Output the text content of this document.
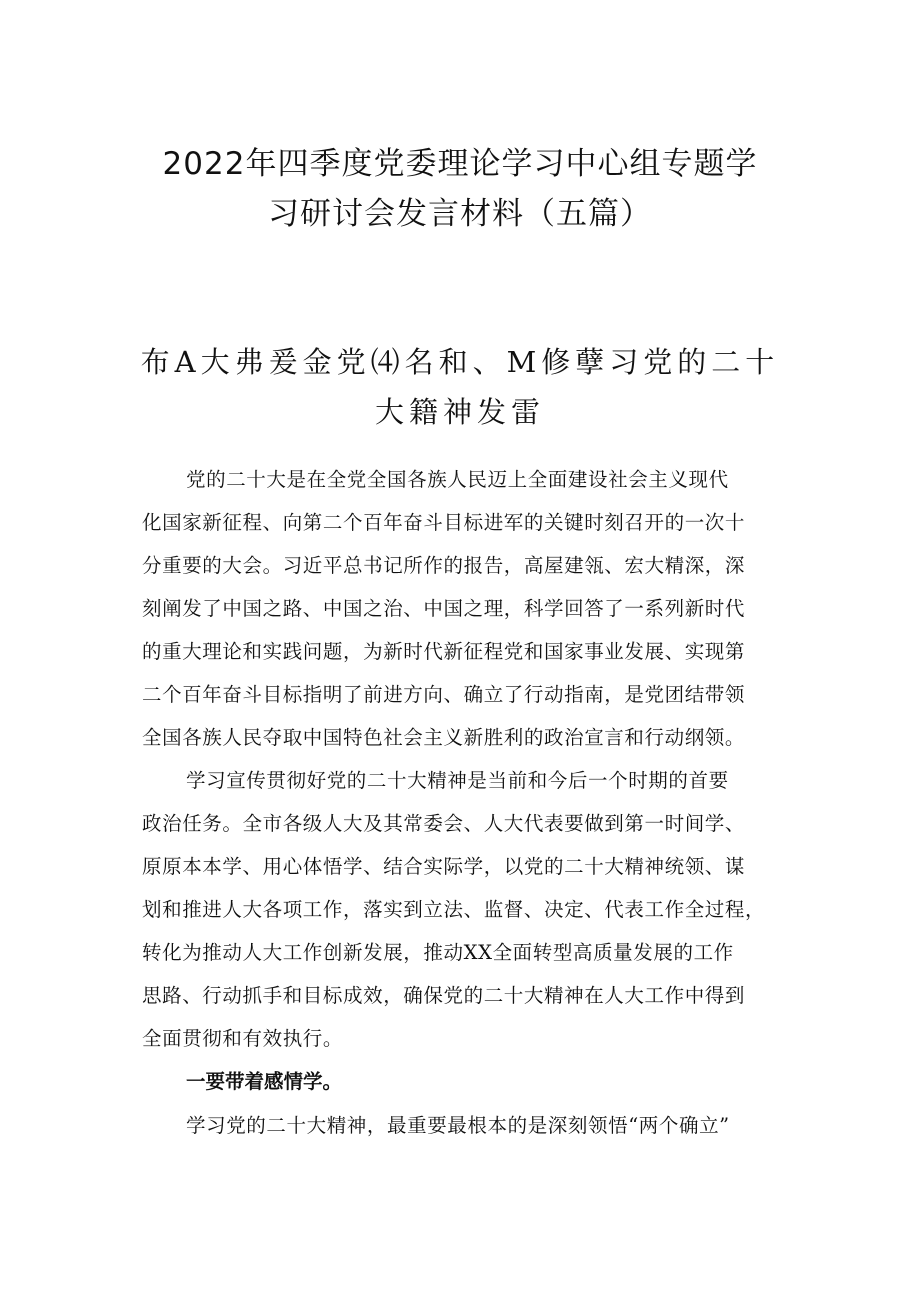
2022年四季度党委理论学习中心组专题学
习研讨会发言材料（五篇）
布A大弗爰金党⑷名和、M修孽习党的二十
大籍神发雷
党的二十大是在全党全国各族人民迈上全面建设社会主义现代
化国家新征程、向第二个百年奋斗目标进军的关键时刻召开的一次十
分重要的大会。习近平总书记所作的报告，高屋建瓴、宏大精深，深
刻阐发了中国之路、中国之治、中国之理，科学回答了一系列新时代
的重大理论和实践问题，为新时代新征程党和国家事业发展、实现第
二个百年奋斗目标指明了前进方向、确立了行动指南，是党团结带领
全国各族人民夺取中国特色社会主义新胜利的政治宣言和行动纲领。
学习宣传贯彻好党的二十大精神是当前和今后一个时期的首要
政治任务。全市各级人大及其常委会、人大代表要做到第一时间学、
原原本本学、用心体悟学、结合实际学，以党的二十大精神统领、谋
划和推进人大各项工作，落实到立法、监督、决定、代表工作全过程，
转化为推动人大工作创新发展，推动XX全面转型高质量发展的工作
思路、行动抓手和目标成效，确保党的二十大精神在人大工作中得到
全面贯彻和有效执行。
一要带着感情学。
学习党的二十大精神，最重要最根本的是深刻领悟“两个确立”
